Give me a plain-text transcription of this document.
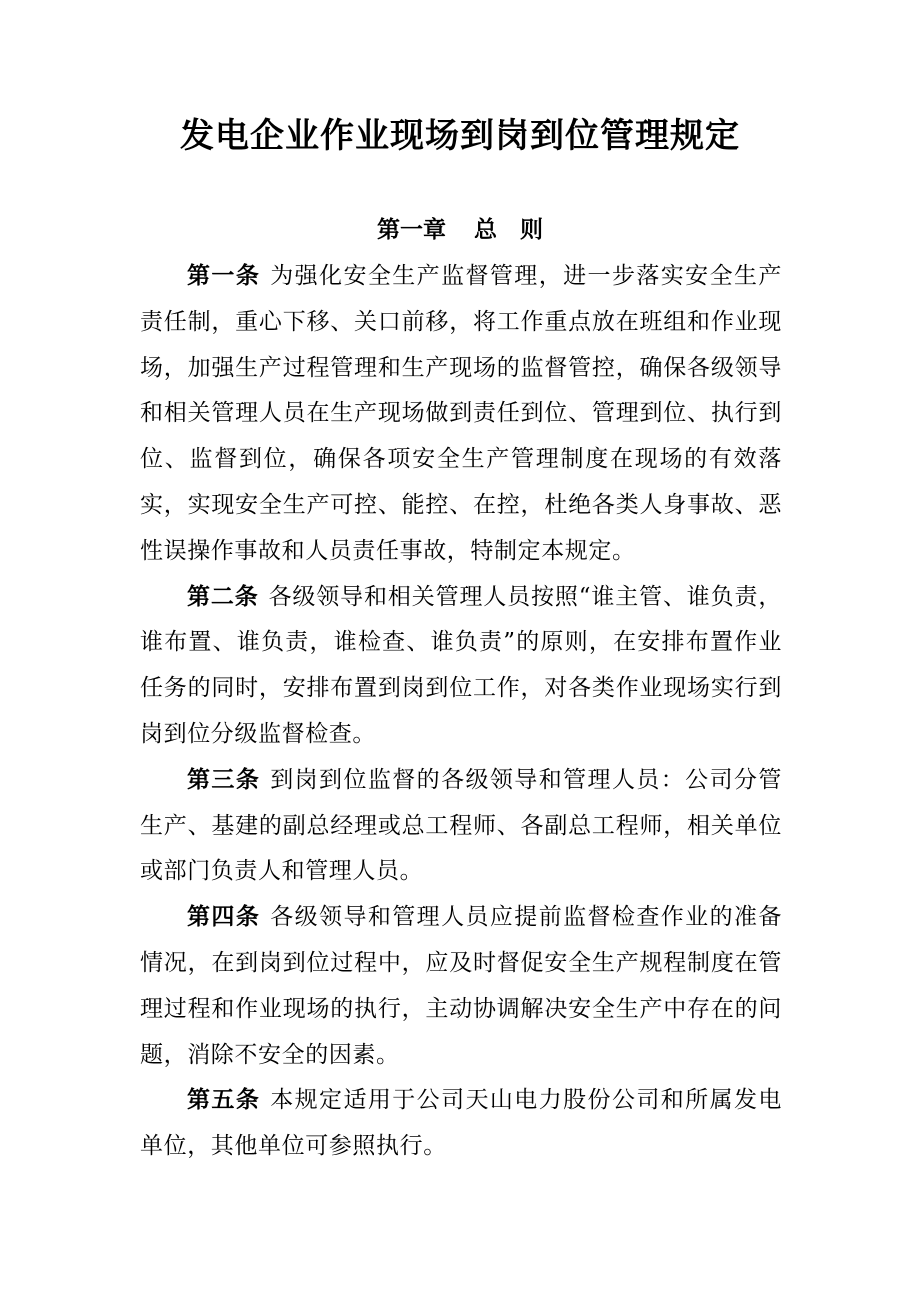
发电企业作业现场到岗到位管理规定
第一章 总　则

第一条 为强化安全生产监督管理，进一步落实安全生产责任制，重心下移、关口前移，将工作重点放在班组和作业现场，加强生产过程管理和生产现场的监督管控，确保各级领导和相关管理人员在生产现场做到责任到位、管理到位、执行到位、监督到位，确保各项安全生产管理制度在现场的有效落实，实现安全生产可控、能控、在控，杜绝各类人身事故、恶性误操作事故和人员责任事故，特制定本规定。

第二条 各级领导和相关管理人员按照“谁主管、谁负责，谁布置、谁负责，谁检查、谁负责”的原则，在安排布置作业任务的同时，安排布置到岗到位工作，对各类作业现场实行到岗到位分级监督检查。

第三条 到岗到位监督的各级领导和管理人员：公司分管生产、基建的副总经理或总工程师、各副总工程师，相关单位或部门负责人和管理人员。

第四条 各级领导和管理人员应提前监督检查作业的准备情况，在到岗到位过程中，应及时督促安全生产规程制度在管理过程和作业现场的执行，主动协调解决安全生产中存在的问题，消除不安全的因素。

第五条 本规定适用于公司天山电力股份公司和所属发电单位，其他单位可参照执行。
